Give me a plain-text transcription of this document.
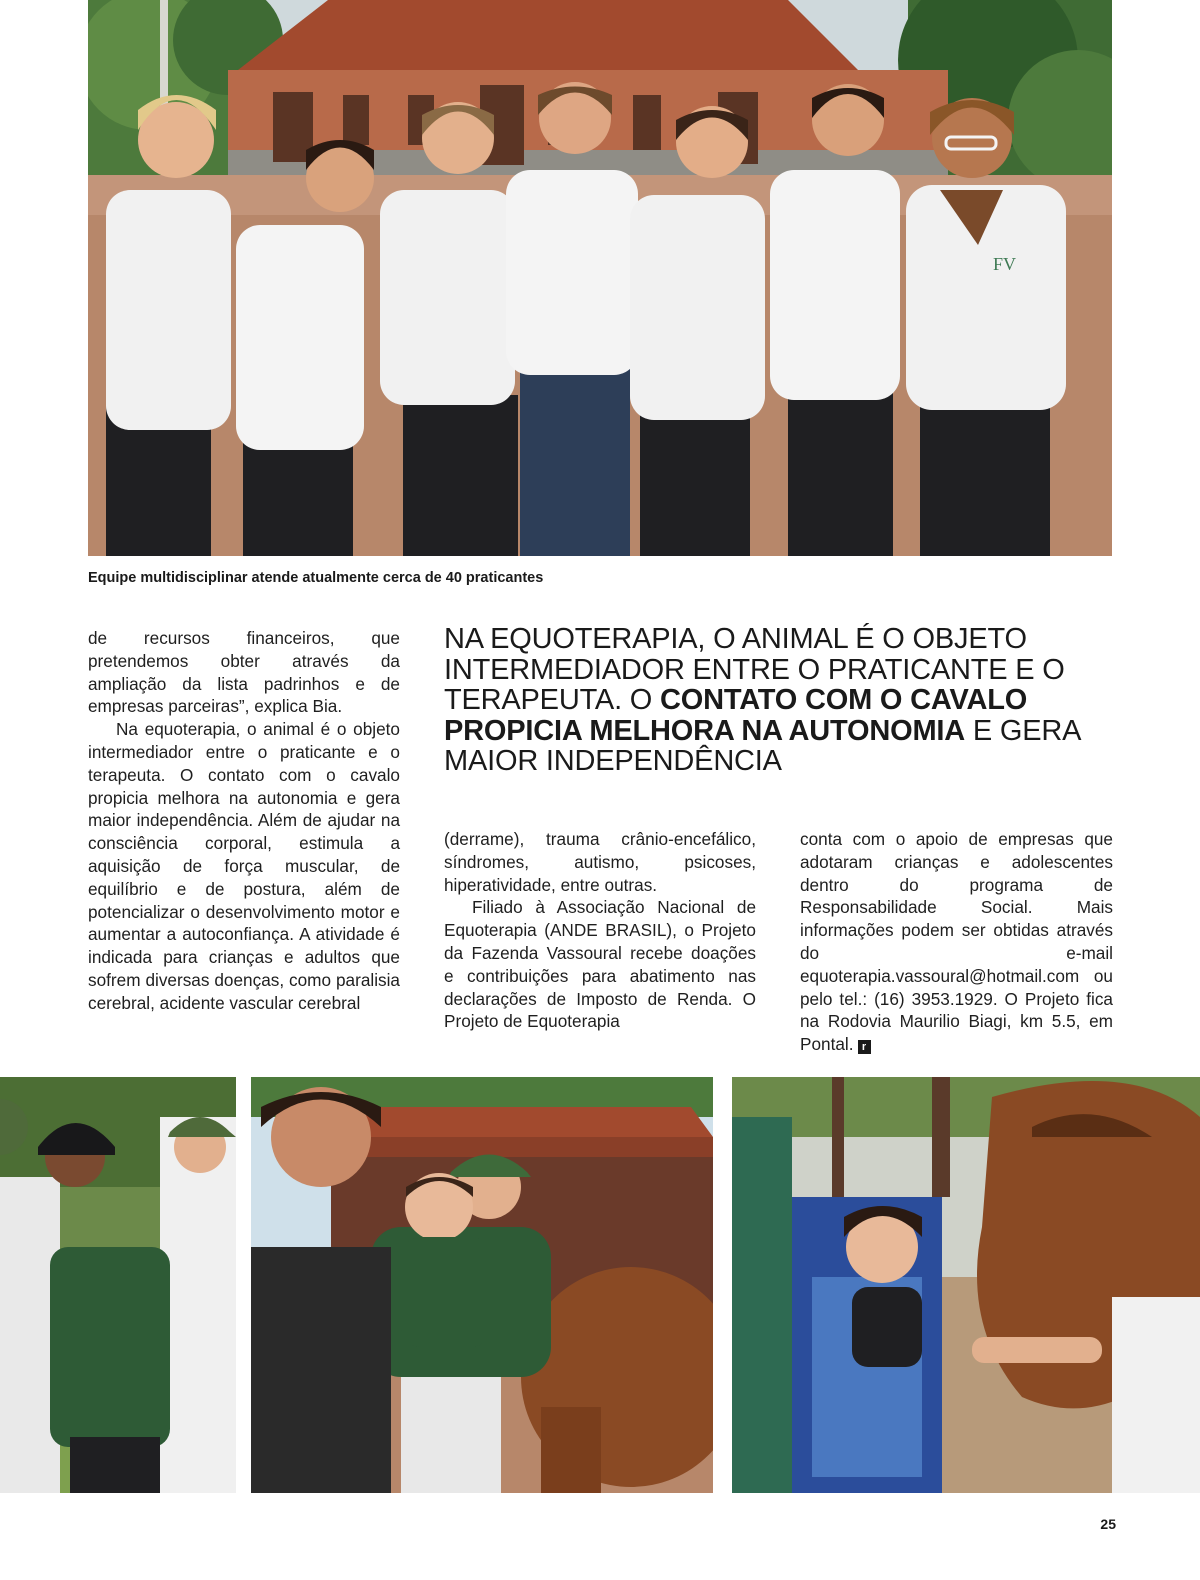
FV
Equipe multidisciplinar atende atualmente cerca de 40 praticantes

de recursos financeiros, que pretendemos obter através da ampliação da lista padrinhos e de empresas parceiras”, explica Bia.

Na equoterapia, o animal é o objeto intermediador entre o praticante e o terapeuta. O contato com o cavalo propicia melhora na autonomia e gera maior independência. Além de ajudar na consciência corporal, estimula a aquisição de força muscular, de equilíbrio e de postura, além de potencializar o desenvolvimento motor e aumentar a autoconfiança. A atividade é indicada para crianças e adultos que sofrem diversas doenças, como paralisia cerebral, acidente vascular cerebral

NA EQUOTERAPIA, O ANIMAL É O OBJETO INTERMEDIADOR ENTRE O PRATICANTE E O TERAPEUTA. O CONTATO COM O CAVALO PROPICIA MELHORA NA AUTONOMIA E GERA MAIOR INDEPENDÊNCIA

(derrame), trauma crânio-encefálico, síndromes, autismo, psicoses, hiperatividade, entre outras.

Filiado à Associação Nacional de Equoterapia (ANDE BRASIL), o Projeto da Fazenda Vassoural recebe doações e contribuições para abatimento nas declarações de Imposto de Renda. O Projeto de Equoterapia

conta com o apoio de empresas que adotaram crianças e adolescentes dentro do programa de Responsabilidade Social. Mais informações podem ser obtidas através do e-mail equoterapia.vassoural@hotmail.com ou pelo tel.: (16) 3953.1929. O Projeto fica na Rodovia Maurilio Biagi, km 5.5, em Pontal. r

25
